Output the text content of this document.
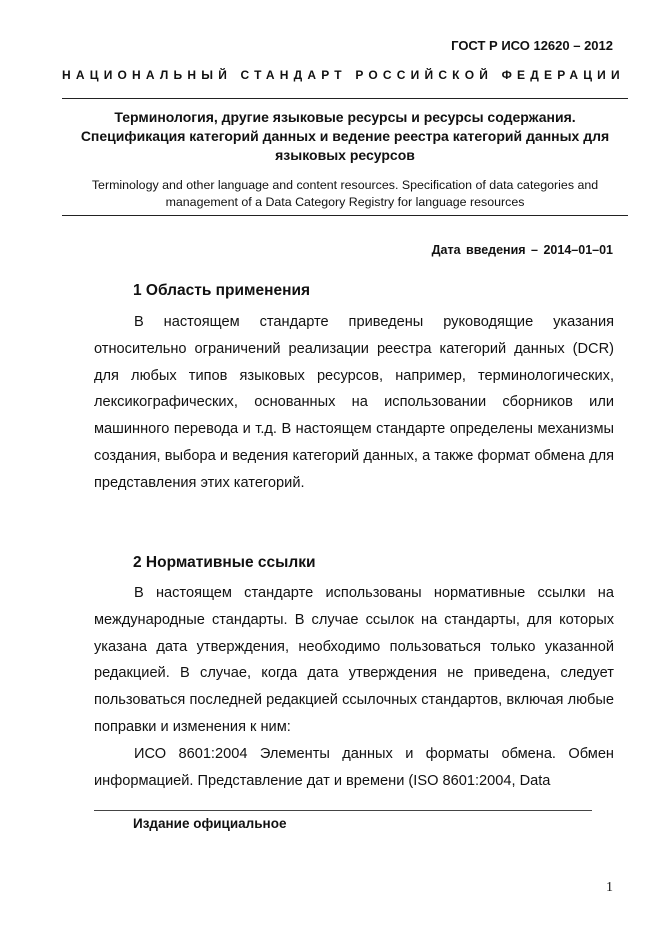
ГОСТ Р ИСО 12620 – 2012
НАЦИОНАЛЬНЫЙ СТАНДАРТ РОССИЙСКОЙ ФЕДЕРАЦИИ
Терминология, другие языковые ресурсы и ресурсы содержания. Спецификация категорий данных и ведение реестра категорий данных для языковых ресурсов
Terminology and other language and content resources. Specification of data categories and management of a Data Category Registry for language resources
Дата введения – 2014–01–01
1 Область применения
В настоящем стандарте приведены руководящие указания относительно ограничений реализации реестра категорий данных (DCR) для любых типов языковых ресурсов, например, терминологических, лексикографических, основанных на использовании сборников или машинного перевода и т.д. В настоящем стандарте определены механизмы создания, выбора и ведения категорий данных, а также формат обмена для представления этих категорий.
2 Нормативные ссылки
В настоящем стандарте использованы нормативные ссылки на международные стандарты. В случае ссылок на стандарты, для которых указана дата утверждения, необходимо пользоваться только указанной редакцией. В случае, когда дата утверждения не приведена, следует пользоваться последней редакцией ссылочных стандартов, включая любые поправки и изменения к ним:
ИСО 8601:2004 Элементы данных и форматы обмена. Обмен информацией. Представление дат и времени (ISO 8601:2004, Data
Издание официальное
1
